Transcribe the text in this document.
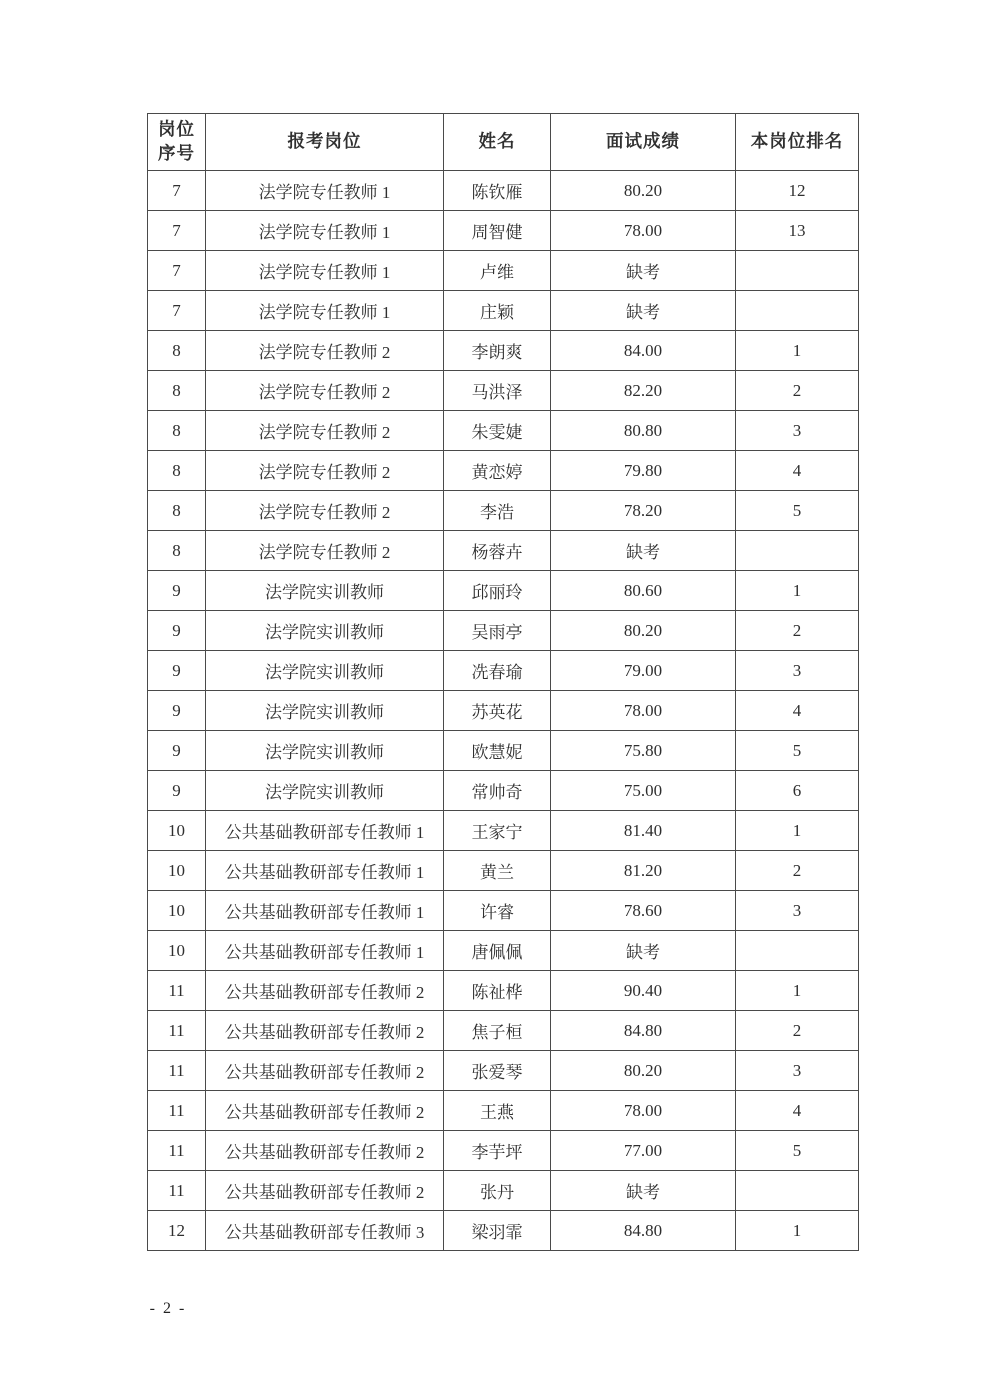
岗位
序号	报考岗位	姓名	面试成绩	本岗位排名

7	法学院专任教师 1	陈钦雁	80.20	12
7	法学院专任教师 1	周智健	78.00	13
7	法学院专任教师 1	卢维	缺考	
7	法学院专任教师 1	庄颖	缺考	
8	法学院专任教师 2	李朗爽	84.00	1
8	法学院专任教师 2	马洪泽	82.20	2
8	法学院专任教师 2	朱雯婕	80.80	3
8	法学院专任教师 2	黄恋婷	79.80	4
8	法学院专任教师 2	李浩	78.20	5
8	法学院专任教师 2	杨蓉卉	缺考	
9	法学院实训教师	邱丽玲	80.60	1
9	法学院实训教师	吴雨亭	80.20	2
9	法学院实训教师	冼春瑜	79.00	3
9	法学院实训教师	苏英花	78.00	4
9	法学院实训教师	欧慧妮	75.80	5
9	法学院实训教师	常帅奇	75.00	6
10	公共基础教研部专任教师 1	王家宁	81.40	1
10	公共基础教研部专任教师 1	黄兰	81.20	2
10	公共基础教研部专任教师 1	许睿	78.60	3
10	公共基础教研部专任教师 1	唐佩佩	缺考	
11	公共基础教研部专任教师 2	陈祉桦	90.40	1
11	公共基础教研部专任教师 2	焦子桓	84.80	2
11	公共基础教研部专任教师 2	张爱琴	80.20	3
11	公共基础教研部专任教师 2	王燕	78.00	4
11	公共基础教研部专任教师 2	李芋坪	77.00	5
11	公共基础教研部专任教师 2	张丹	缺考	
12	公共基础教研部专任教师 3	梁羽霏	84.80	1
- 2 -
